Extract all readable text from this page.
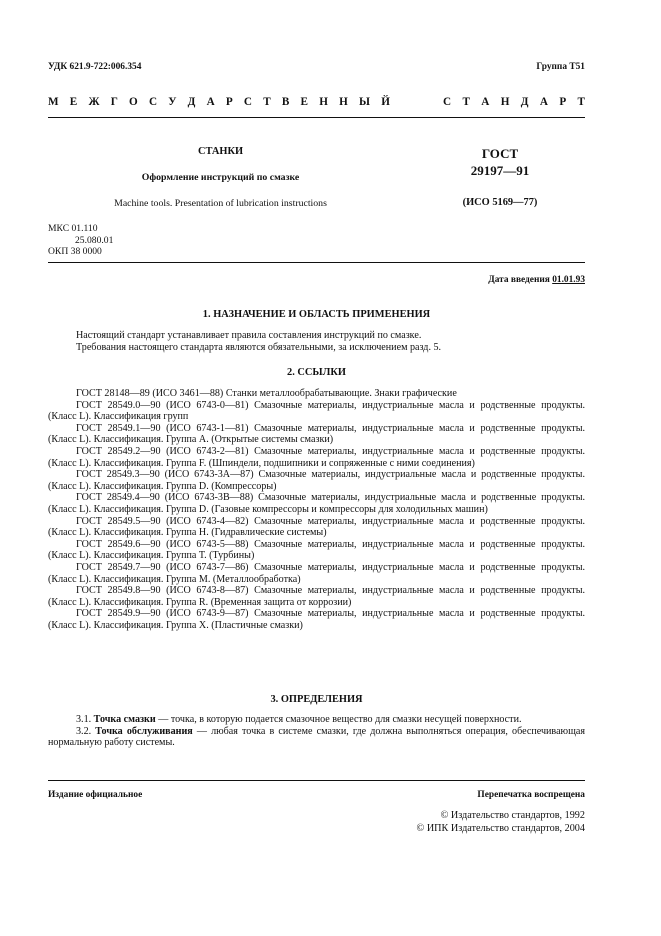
УДК 621.9-722:006.354	Группа Т51
М Е Ж Г О С У Д А Р С Т В Е Н Н Ы Й	С Т А Н Д А Р Т
СТАНКИ
Оформление инструкций по смазке
Machine tools. Presentation of lubrication instructions
ГОСТ
29197—91
(ИСО 5169—77)
МКС 01.110
25.080.01
ОКП 38 0000
Дата введения 01.01.93
1. НАЗНАЧЕНИЕ И ОБЛАСТЬ ПРИМЕНЕНИЯ

Настоящий стандарт устанавливает правила составления инструкций по смазке.

Требования настоящего стандарта являются обязательными, за исключением разд. 5.

2. ССЫЛКИ

ГОСТ 28148—89 (ИСО 3461—88) Станки металлообрабатывающие. Знаки графические

ГОСТ 28549.0—90 (ИСО 6743-0—81) Смазочные материалы, индустриальные масла и родственные продукты. (Класс L). Классификация групп

ГОСТ 28549.1—90 (ИСО 6743-1—81) Смазочные материалы, индустриальные масла и родственные продукты. (Класс L). Классификация. Группа А. (Открытые системы смазки)

ГОСТ 28549.2—90 (ИСО 6743-2—81) Смазочные материалы, индустриальные масла и родственные продукты. (Класс L). Классификация. Группа F. (Шпиндели, подшипники и сопряженные с ними соединения)

ГОСТ 28549.3—90 (ИСО 6743-3А—87) Смазочные материалы, индустриальные масла и родственные продукты. (Класс L). Классификация. Группа D. (Компрессоры)

ГОСТ 28549.4—90 (ИСО 6743-3В—88) Смазочные материалы, индустриальные масла и родственные продукты. (Класс L). Классификация. Группа D. (Газовые компрессоры и компрессоры для холодильных машин)

ГОСТ 28549.5—90 (ИСО 6743-4—82) Смазочные материалы, индустриальные масла и родственные продукты. (Класс L). Классификация. Группа H. (Гидравлические системы)

ГОСТ 28549.6—90 (ИСО 6743-5—88) Смазочные материалы, индустриальные масла и родственные продукты. (Класс L). Классификация. Группа Т. (Турбины)

ГОСТ 28549.7—90 (ИСО 6743-7—86) Смазочные материалы, индустриальные масла и родственные продукты. (Класс L). Классификация. Группа М. (Металлообработка)

ГОСТ 28549.8—90 (ИСО 6743-8—87) Смазочные материалы, индустриальные масла и родственные продукты. (Класс L). Классификация. Группа R. (Временная защита от коррозии)

ГОСТ 28549.9—90 (ИСО 6743-9—87) Смазочные материалы, индустриальные масла и родственные продукты. (Класс L). Классификация. Группа X. (Пластичные смазки)

3. ОПРЕДЕЛЕНИЯ

3.1. Точка смазки — точка, в которую подается смазочное вещество для смазки несущей поверхности.

3.2. Точка обслуживания — любая точка в системе смазки, где должна выполняться операция, обеспечивающая нормальную работу системы.

Издание официальное	Перепечатка воспрещена
© Издательство стандартов, 1992
© ИПК Издательство стандартов, 2004
